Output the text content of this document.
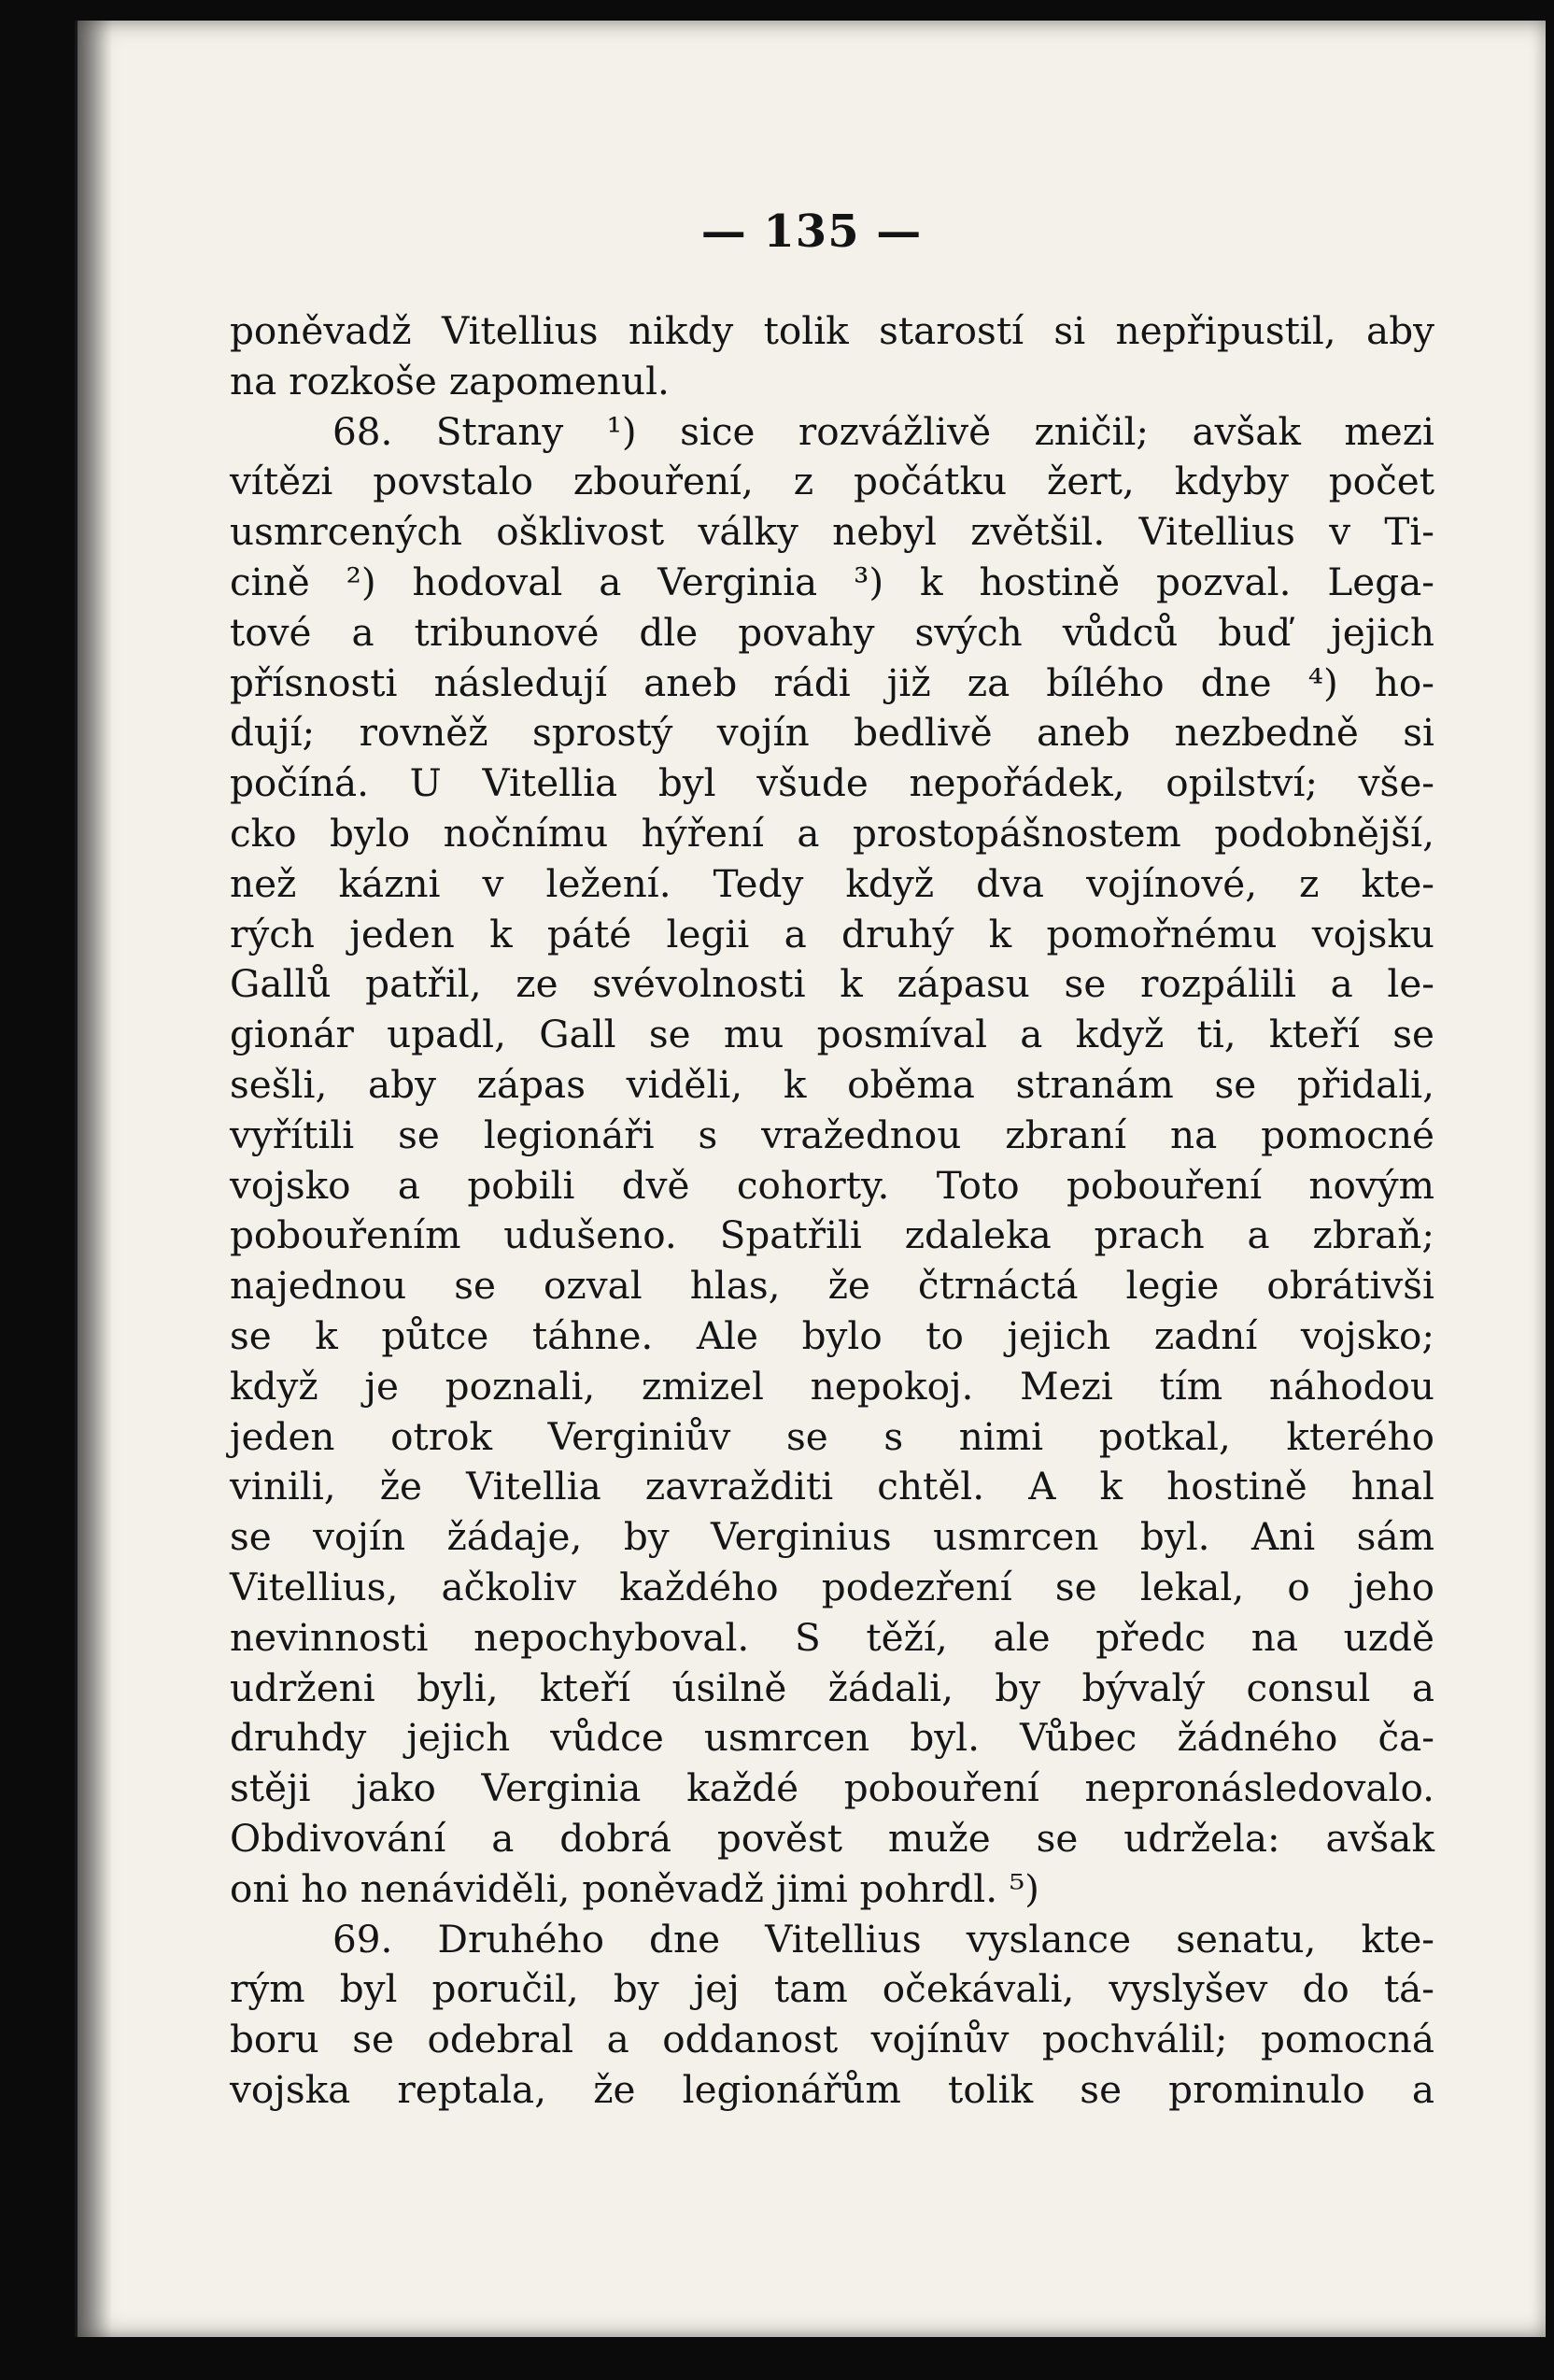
— 135 —
poněvadž Vitellius nikdy tolik starostí si nepřipustil, aby
na rozkoše zapomenul.
68. Strany ¹) sice rozvážlivě zničil; avšak mezi
vítězi povstalo zbouření, z počátku žert, kdyby počet
usmrcených ošklivost války nebyl zvětšil. Vitellius v Ti-
cině ²) hodoval a Verginia ³) k hostině pozval. Lega-
tové a tribunové dle povahy svých vůdců buď jejich
přísnosti následují aneb rádi již za bílého dne ⁴) ho-
dují; rovněž sprostý vojín bedlivě aneb nezbedně si
počíná. U Vitellia byl všude nepořádek, opilství; vše-
cko bylo nočnímu hýření a prostopášnostem podobnější,
než kázni v ležení. Tedy když dva vojínové, z kte-
rých jeden k páté legii a druhý k pomořnému vojsku
Gallů patřil, ze svévolnosti k zápasu se rozpálili a le-
gionár upadl, Gall se mu posmíval a když ti, kteří se
sešli, aby zápas viděli, k oběma stranám se přidali,
vyřítili se legionáři s vražednou zbraní na pomocné
vojsko a pobili dvě cohorty. Toto pobouření novým
pobouřením udušeno. Spatřili zdaleka prach a zbraň;
najednou se ozval hlas, že čtrnáctá legie obrátivši
se k půtce táhne. Ale bylo to jejich zadní vojsko;
když je poznali, zmizel nepokoj. Mezi tím náhodou
jeden otrok Verginiův se s nimi potkal, kterého
vinili, že Vitellia zavražditi chtěl. A k hostině hnal
se vojín žádaje, by Verginius usmrcen byl. Ani sám
Vitellius, ačkoliv každého podezření se lekal, o jeho
nevinnosti nepochyboval. S těží, ale předc na uzdě
udrženi byli, kteří úsilně žádali, by bývalý consul a
druhdy jejich vůdce usmrcen byl. Vůbec žádného ča-
stěji jako Verginia každé pobouření nepronásledovalo.
Obdivování a dobrá pověst muže se udržela: avšak
oni ho nenáviděli, poněvadž jimi pohrdl. ⁵)
69. Druhého dne Vitellius vyslance senatu, kte-
rým byl poručil, by jej tam očekávali, vyslyšev do tá-
boru se odebral a oddanost vojínův pochválil; pomocná
vojska reptala, že legionářům tolik se prominulo a
